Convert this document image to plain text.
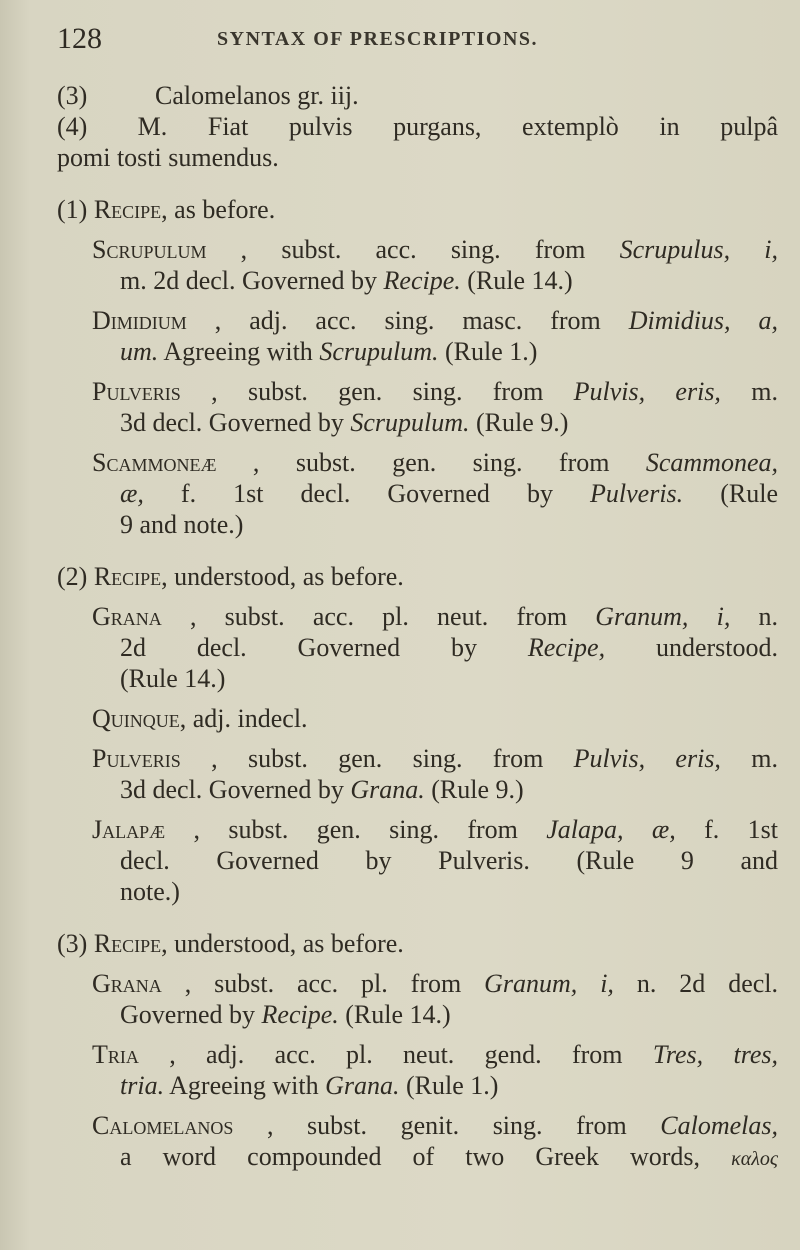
128	SYNTAX OF PRESCRIPTIONS.
(3)	Calomelanos gr. iij.
(4) M. Fiat pulvis purgans, extemplò in pulpâ
pomi tosti sumendus.
(1) Recipe, as before.
Scrupulum , subst. acc. sing. from Scrupulus, i,
m. 2d decl. Governed by Recipe. (Rule 14.)
Dimidium , adj. acc. sing. masc. from Dimidius, a,
um. Agreeing with Scrupulum. (Rule 1.)
Pulveris , subst. gen. sing. from Pulvis, eris, m.
3d decl. Governed by Scrupulum. (Rule 9.)
Scammoneæ , subst. gen. sing. from Scammonea,
æ, f. 1st decl. Governed by Pulveris. (Rule
9 and note.)
(2) Recipe, understood, as before.
Grana , subst. acc. pl. neut. from Granum, i, n.
2d decl. Governed by Recipe, understood.
(Rule 14.)
Quinque, adj. indecl.
Pulveris , subst. gen. sing. from Pulvis, eris, m.
3d decl. Governed by Grana. (Rule 9.)
Jalapæ , subst. gen. sing. from Jalapa, æ, f. 1st
decl. Governed by Pulveris. (Rule 9 and
note.)
(3) Recipe, understood, as before.
Grana , subst. acc. pl. from Granum, i, n. 2d decl.
Governed by Recipe. (Rule 14.)
Tria , adj. acc. pl. neut. gend. from Tres, tres,
tria. Agreeing with Grana. (Rule 1.)
Calomelanos , subst. genit. sing. from Calomelas,
a word compounded of two Greek words, καλος
